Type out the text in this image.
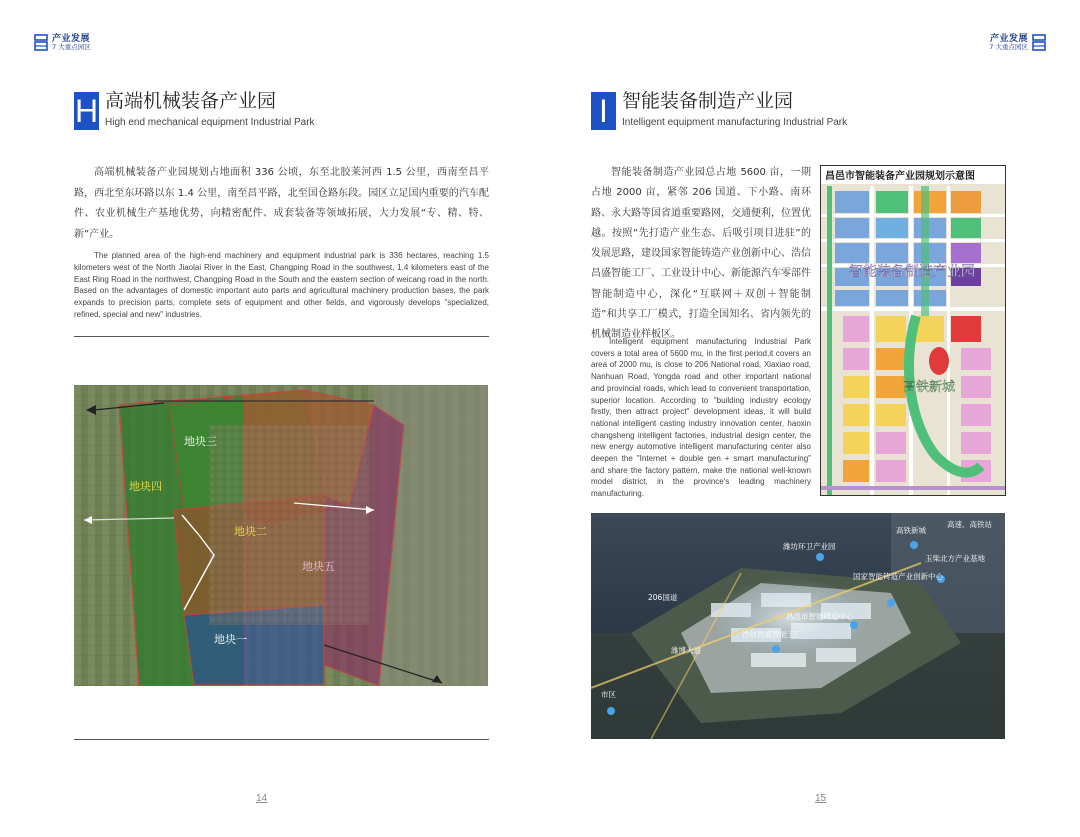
产业发展
7 大重点园区
产业发展
7 大重点园区
H 高端机械装备产业园
High end mechanical equipment Industrial Park
高端机械装备产业园规划占地面积 336 公顷，东至北胶莱河西 1.5 公里，西南至昌平路，西北至东环路以东 1.4 公里，南至昌平路，北至国仓路东段。园区立足国内重要的汽车配件、农业机械生产基地优势，向精密配件、成套装备等领域拓展，大力发展“专、精、特、新”产业。
The planned area of the high-end machinery and equipment industrial park is 336 hectares, reaching 1.5 kilometers west of the North Jiaolai River in the East, Changping Road in the southwest, 1.4 kilometers east of the East Ring Road in the northwest, Changping Road in the South and the eastern section of weicang road in the north. Based on the advantages of domestic important auto parts and agricultural machinery production bases, the park expands to precision parts, complete sets of equipment and other fields, and vigorously develops "specialized, refined, special and new" industries.
地块三
地块四
地块二
地块五
地块一
14
I 智能装备制造产业园
Intelligent equipment manufacturing Industrial Park
智能装备制造产业园总占地 5600 亩，一期占地 2000 亩，紧邻 206 国道、下小路、南环路、永大路等国省道重要路网，交通便利，位置优越。按照“先打造产业生态、后吸引项目进驻”的发展思路，建设国家智能铸造产业创新中心、浩信昌盛智能工厂、工业设计中心、新能源汽车零部件智能制造中心，深化“互联网＋双创＋智能制造”和共享工厂模式，打造全国知名、省内领先的机械制造业样板区。
Intelligent equipment manufacturing Industrial Park covers a total area of 5600 mu, in the first period,it covers an area of 2000 mu, is close to 206 National road, Xiaxiao road, Nanhuan Road, Yongda road and other important national and provincial roads, which lead to convenient transportation, superior location. According to "building industry ecology firstly, then attract project" development ideas, it will build national intelligent casting industry innovation center, haoxin changsheng intelligent factories, industrial design center, the new energy automotive intelligent manufacturing center also deepen the "Internet + double gen + smart manufacturing" and share the factory pattern, make the national well-known model district, in the province's leading machinery manufacturing.
昌邑市智能装备产业园规划示意图
智能装备制造产业园
高铁新城
潍坊环卫产业园
高铁新城
高速、高铁站
玉柴北方产业基地
国家智能铸造产业创新中心
206国道
昌邑市智能铸造中心
浩信昌盛智能工厂
潍博大道
市区
15
